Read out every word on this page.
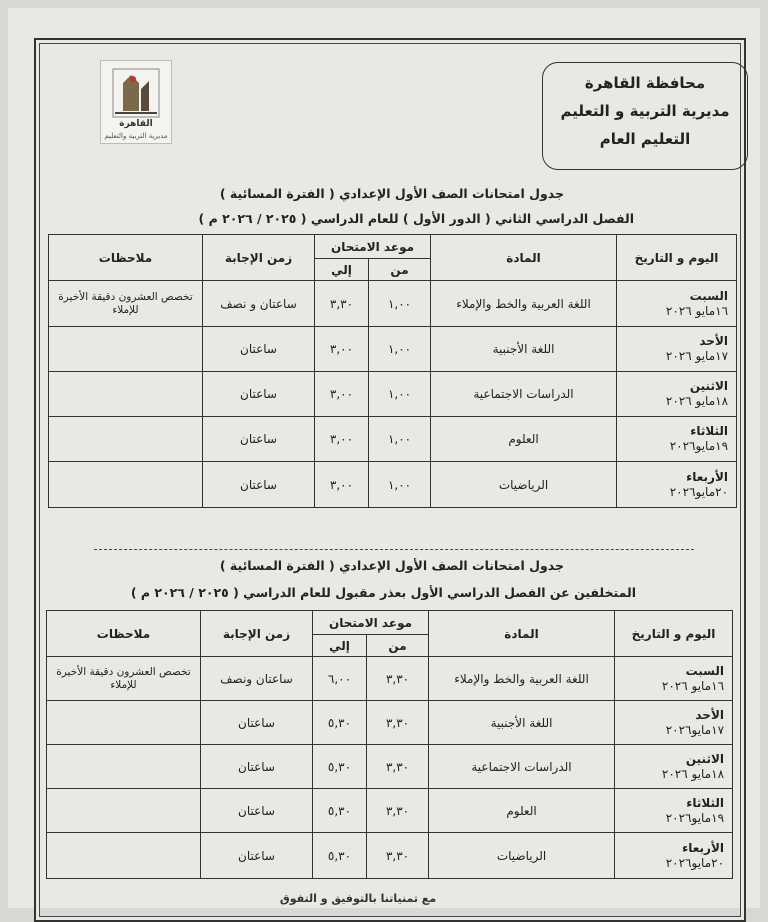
القاهرة
مديرية التربية والتعليم
محافظة القاهرة
مديرية التربية و التعليم
التعليم العام
جدول امتحانات الصف الأول الإعدادي ( الفترة المسائية )
الفصل الدراسي الثاني ( الدور الأول ) للعام الدراسي ( ٢٠٢٥ / ٢٠٢٦ م )
اليوم و التاريخ	المادة	موعد الامتحان		زمن الإجابة	ملاحظات
		من	إلي		

السبت
١٦مايو ٢٠٢٦	اللغة العربية والخط والإملاء	١,٠٠	٣,٣٠	ساعتان و نصف	تخصص العشرون دقيقة الأخيرة للإملاء

الأحد
١٧مايو ٢٠٢٦	اللغة الأجنبية	١,٠٠	٣,٠٠	ساعتان	

الاثنين
١٨مايو ٢٠٢٦	الدراسات الاجتماعية	١,٠٠	٣,٠٠	ساعتان	

الثلاثاء
١٩مايو٢٠٢٦	العلوم	١,٠٠	٣,٠٠	ساعتان	

الأربعاء
٢٠مايو٢٠٢٦	الرياضيات	١,٠٠	٣,٠٠	ساعتان	
جدول امتحانات الصف الأول الإعدادي ( الفترة المسائية )
المتخلفين عن الفصل الدراسي الأول بعذر مقبول للعام الدراسي ( ٢٠٢٥ / ٢٠٢٦ م )
اليوم و التاريخ	المادة	موعد الامتحان		زمن الإجابة	ملاحظات
		من	إلي		

السبت
١٦مايو ٢٠٢٦	اللغة العربية والخط والإملاء	٣,٣٠	٦,٠٠	ساعتان ونصف	تخصص العشرون دقيقة الأخيرة للإملاء

الأحد
١٧مايو٢٠٢٦	اللغة الأجنبية	٣,٣٠	٥,٣٠	ساعتان	

الاثنين
١٨مايو ٢٠٢٦	الدراسات الاجتماعية	٣,٣٠	٥,٣٠	ساعتان	

الثلاثاء
١٩مايو٢٠٢٦	العلوم	٣,٣٠	٥,٣٠	ساعتان	

الأربعاء
٢٠مايو٢٠٢٦	الرياضيات	٣,٣٠	٥,٣٠	ساعتان	
مع تمنياتنا بالتوفيق و التفوق
